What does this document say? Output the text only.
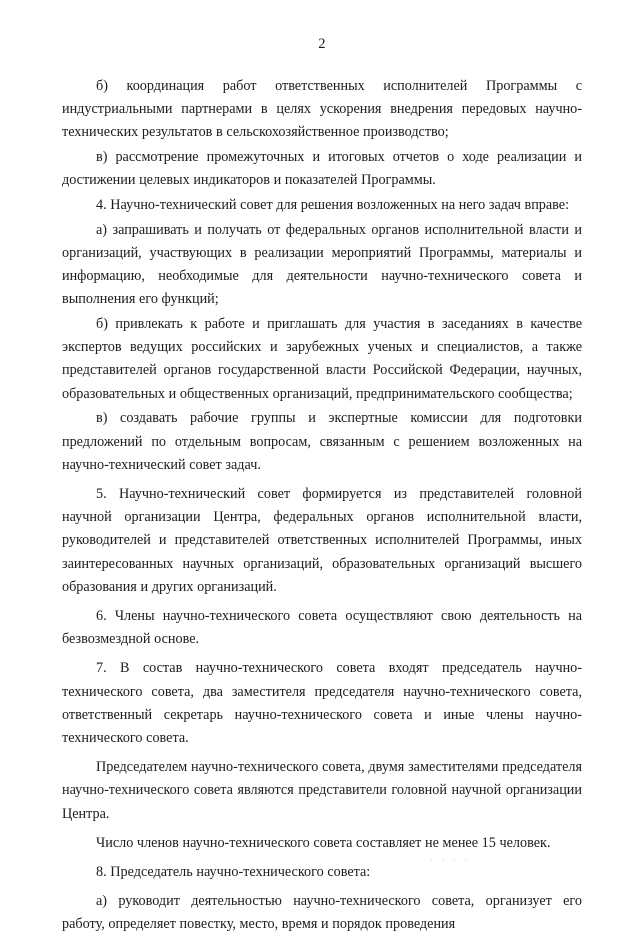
2

б) координация работ ответственных исполнителей Программы с индустриальными партнерами в целях ускорения внедрения передовых научно-технических результатов в сельскохозяйственное производство;

в) рассмотрение промежуточных и итоговых отчетов о ходе реализации и достижении целевых индикаторов и показателей Программы.

4. Научно-технический совет для решения возложенных на него задач вправе:

а) запрашивать и получать от федеральных органов исполнительной власти и организаций, участвующих в реализации мероприятий Программы, материалы и информацию, необходимые для деятельности научно-технического совета и выполнения его функций;

б) привлекать к работе и приглашать для участия в заседаниях в качестве экспертов ведущих российских и зарубежных ученых и специалистов, а также представителей органов государственной власти Российской Федерации, научных, образовательных и общественных организаций, предпринимательского сообщества;

в) создавать рабочие группы и экспертные комиссии для подготовки предложений по отдельным вопросам, связанным с решением возложенных на научно-технический совет задач.

5. Научно-технический совет формируется из представителей головной научной организации Центра, федеральных органов исполнительной власти, руководителей и представителей ответственных исполнителей Программы, иных заинтересованных научных организаций, образовательных организаций высшего образования и других организаций.

6. Члены научно-технического совета осуществляют свою деятельность на безвозмездной основе.

7. В состав научно-технического совета входят председатель научно-технического совета, два заместителя председателя научно-технического совета, ответственный секретарь научно-технического совета и иные члены научно-технического совета.

Председателем научно-технического совета, двумя заместителями председателя научно-технического совета являются представители головной научной организации Центра.

Число членов научно-технического совета составляет не менее 15 человек.

8. Председатель научно-технического совета:

а) руководит деятельностью научно-технического совета, организует его работу, определяет повестку, место, время и порядок проведения

. . . .
